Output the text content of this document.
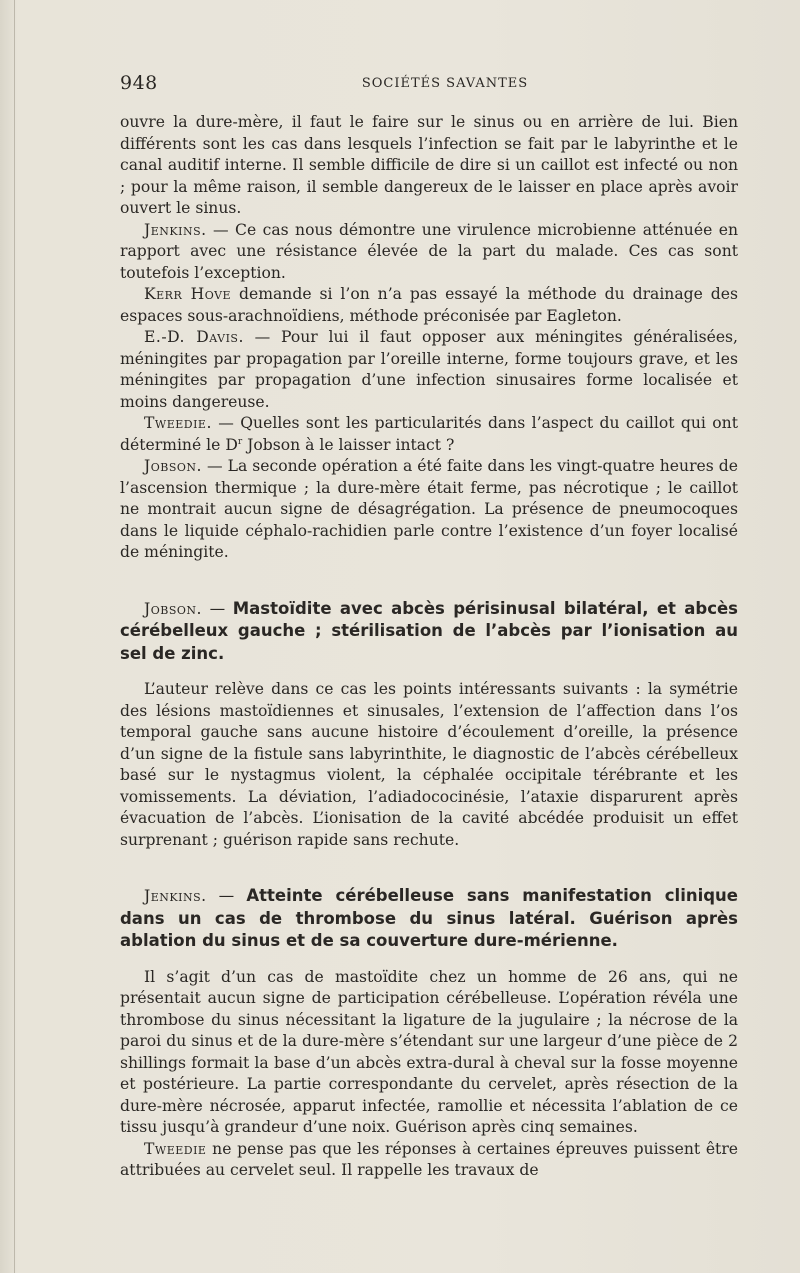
948	SOCIÉTÉS SAVANTES

ouvre la dure-mère, il faut le faire sur le sinus ou en arrière de lui. Bien différents sont les cas dans lesquels l’infection se fait par le labyrinthe et le canal auditif interne. Il semble difficile de dire si un caillot est infecté ou non ; pour la même raison, il semble dangereux de le laisser en place après avoir ouvert le sinus.

Jenkins. — Ce cas nous démontre une virulence microbienne atténuée en rapport avec une résistance élevée de la part du malade. Ces cas sont toutefois l’exception.

Kerr Hove demande si l’on n’a pas essayé la méthode du drainage des espaces sous-arachnoïdiens, méthode préconisée par Eagleton.

E.-D. Davis. — Pour lui il faut opposer aux méningites généralisées, méningites par propagation par l’oreille interne, forme toujours grave, et les méningites par propagation d’une infection sinusaires forme localisée et moins dangereuse.

Tweedie. — Quelles sont les particularités dans l’aspect du caillot qui ont déterminé le $D^r$ Jobson à le laisser intact ?

Jobson. — La seconde opération a été faite dans les vingt-quatre heures de l’ascension thermique ; la dure-mère était ferme, pas nécrotique ; le caillot ne montrait aucun signe de désagrégation. La présence de pneumocoques dans le liquide céphalo-rachidien parle contre l’existence d’un foyer localisé de méningite.

Jobson. — Mastoïdite avec abcès périsinusal bilatéral, et abcès cérébelleux gauche ; stérilisation de l’abcès par l’ionisation au sel de zinc.

L’auteur relève dans ce cas les points intéressants suivants : la symétrie des lésions mastoïdiennes et sinusales, l’extension de l’affection dans l’os temporal gauche sans aucune histoire d’écoulement d’oreille, la présence d’un signe de la fistule sans labyrinthite, le diagnostic de l’abcès cérébelleux basé sur le nystagmus violent, la céphalée occipitale térébrante et les vomissements. La déviation, l’adiadococinésie, l’ataxie disparurent après évacuation de l’abcès. L’ionisation de la cavité abcédée produisit un effet surprenant ; guérison rapide sans rechute.

Jenkins. — Atteinte cérébelleuse sans manifestation clinique dans un cas de thrombose du sinus latéral. Guérison après ablation du sinus et de sa couverture dure-mérienne.

Il s’agit d’un cas de mastoïdite chez un homme de 26 ans, qui ne présentait aucun signe de participation cérébelleuse. L’opération révéla une thrombose du sinus nécessitant la ligature de la jugulaire ; la nécrose de la paroi du sinus et de la dure-mère s’étendant sur une largeur d’une pièce de 2 shillings formait la base d’un abcès extra-dural à cheval sur la fosse moyenne et postérieure. La partie correspondante du cervelet, après résection de la dure-mère nécrosée, apparut infectée, ramollie et nécessita l’ablation de ce tissu jusqu’à grandeur d’une noix. Guérison après cinq semaines.

Tweedie ne pense pas que les réponses à certaines épreuves puissent être attribuées au cervelet seul. Il rappelle les travaux de
